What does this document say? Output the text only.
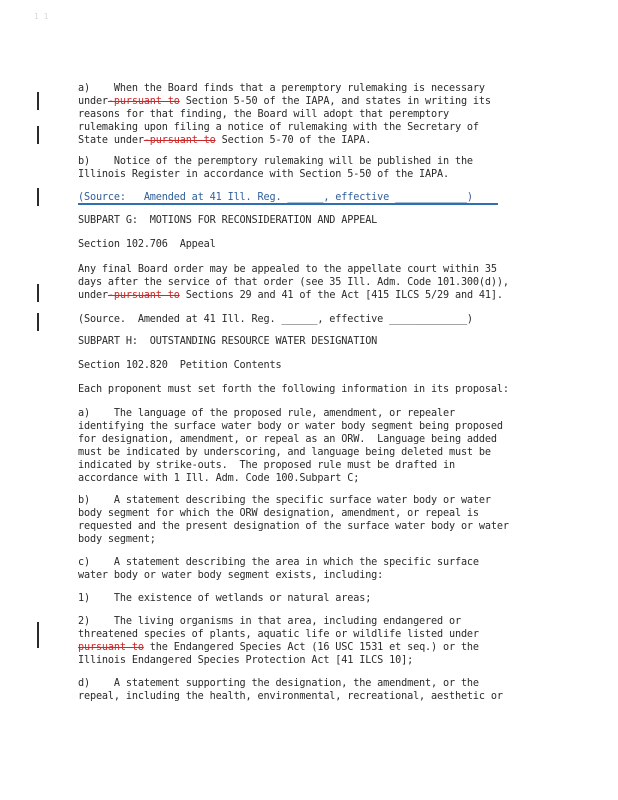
1 1
a)    When the Board finds that a peremptory rulemaking is necessary
under-pursuant to Section 5-50 of the IAPA, and states in writing its
reasons for that finding, the Board will adopt that peremptory
rulemaking upon filing a notice of rulemaking with the Secretary of
State under-pursuant to Section 5-70 of the IAPA.
b)    Notice of the peremptory rulemaking will be published in the
Illinois Register in accordance with Section 5-50 of the IAPA.
(Source:   Amended at 41 Ill. Reg. ______, effective ____________)
SUBPART G:  MOTIONS FOR RECONSIDERATION AND APPEAL
Section 102.706  Appeal
Any final Board order may be appealed to the appellate court within 35
days after the service of that order (see 35 Ill. Adm. Code 101.300(d)),
under-pursuant to Sections 29 and 41 of the Act [415 ILCS 5/29 and 41].
(Source.  Amended at 41 Ill. Reg. ______, effective _____________)
SUBPART H:  OUTSTANDING RESOURCE WATER DESIGNATION
Section 102.820  Petition Contents
Each proponent must set forth the following information in its proposal:
a)    The language of the proposed rule, amendment, or repealer
identifying the surface water body or water body segment being proposed
for designation, amendment, or repeal as an ORW.  Language being added
must be indicated by underscoring, and language being deleted must be
indicated by strike-outs.  The proposed rule must be drafted in
accordance with 1 Ill. Adm. Code 100.Subpart C;
b)    A statement describing the specific surface water body or water
body segment for which the ORW designation, amendment, or repeal is
requested and the present designation of the surface water body or water
body segment;
c)    A statement describing the area in which the specific surface
water body or water body segment exists, including:
1)    The existence of wetlands or natural areas;
2)    The living organisms in that area, including endangered or
threatened species of plants, aquatic life or wildlife listed under
pursuant to the Endangered Species Act (16 USC 1531 et seq.) or the
Illinois Endangered Species Protection Act [41 ILCS 10];
d)    A statement supporting the designation, the amendment, or the
repeal, including the health, environmental, recreational, aesthetic or
